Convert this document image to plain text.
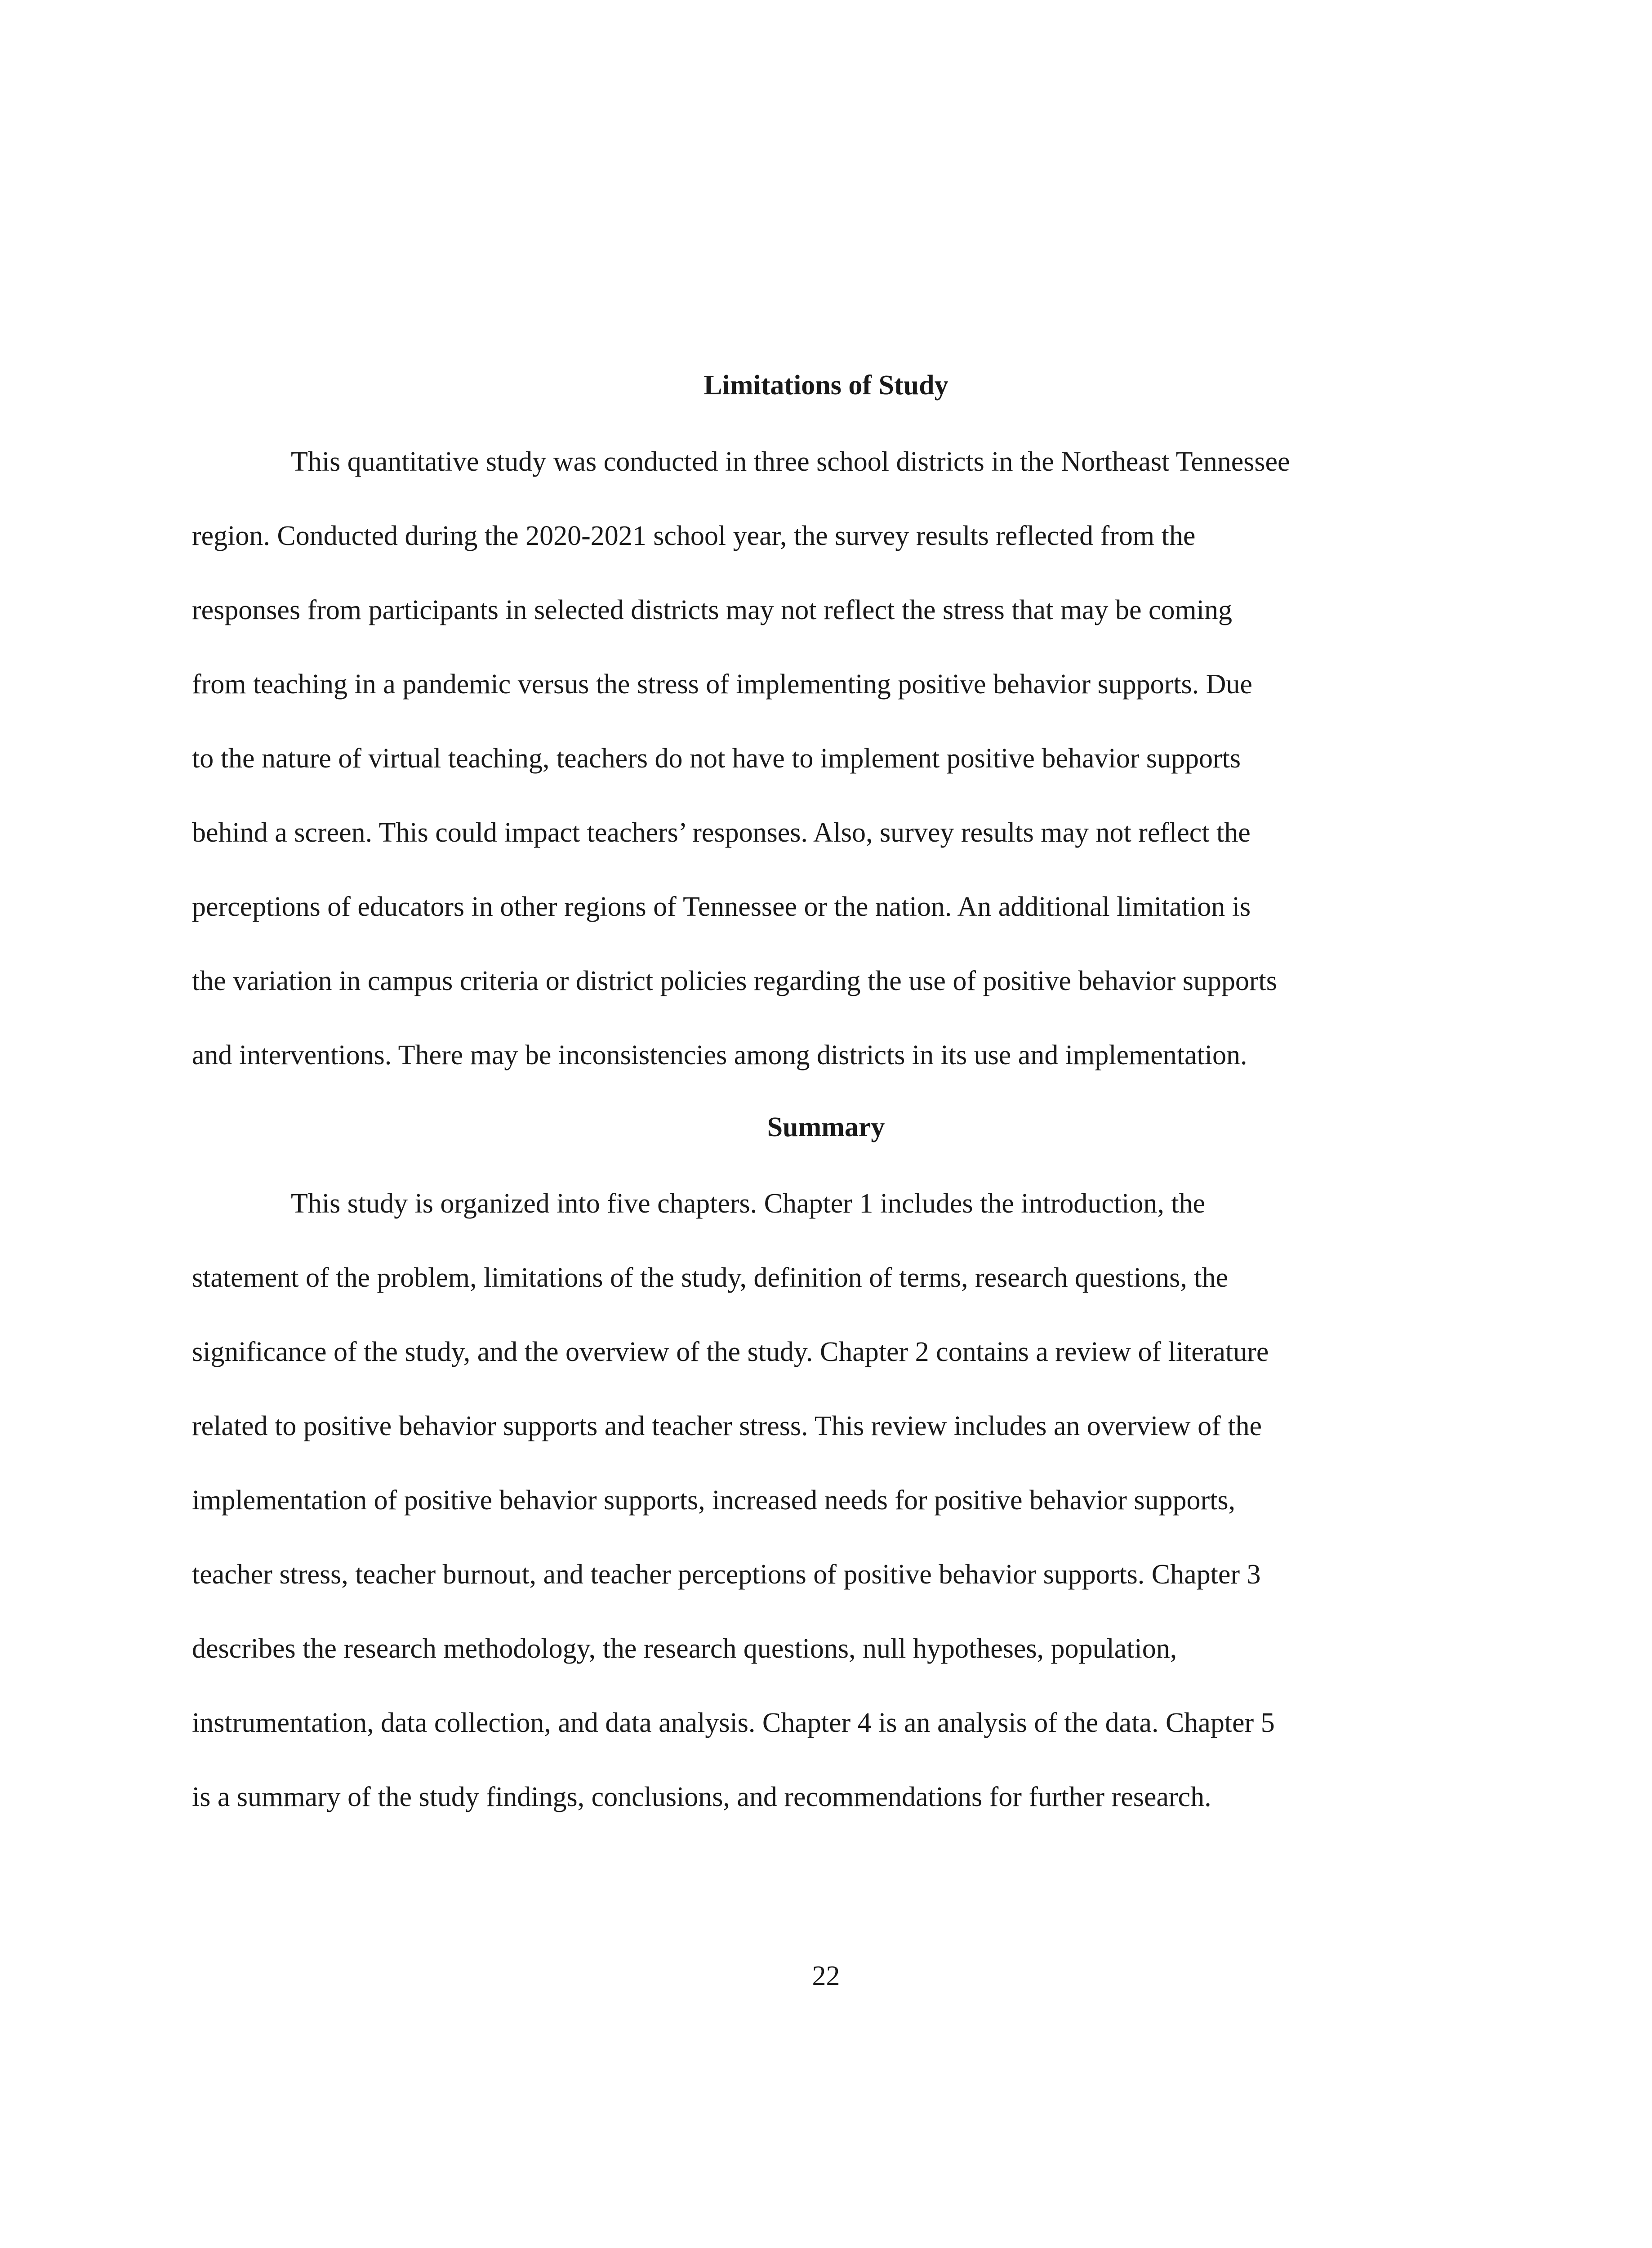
Limitations of Study

This quantitative study was conducted in three school districts in the Northeast Tennessee

region. Conducted during the 2020-2021 school year, the survey results reflected from the

responses from participants in selected districts may not reflect the stress that may be coming

from teaching in a pandemic versus the stress of implementing positive behavior supports. Due

to the nature of virtual teaching, teachers do not have to implement positive behavior supports

behind a screen. This could impact teachers’ responses. Also, survey results may not reflect the

perceptions of educators in other regions of Tennessee or the nation. An additional limitation is

the variation in campus criteria or district policies regarding the use of positive behavior supports

and interventions. There may be inconsistencies among districts in its use and implementation.

Summary

This study is organized into five chapters. Chapter 1 includes the introduction, the

statement of the problem, limitations of the study, definition of terms, research questions, the

significance of the study, and the overview of the study. Chapter 2 contains a review of literature

related to positive behavior supports and teacher stress. This review includes an overview of the

implementation of positive behavior supports, increased needs for positive behavior supports,

teacher stress, teacher burnout, and teacher perceptions of positive behavior supports. Chapter 3

describes the research methodology, the research questions, null hypotheses, population,

instrumentation, data collection, and data analysis. Chapter 4 is an analysis of the data. Chapter 5

is a summary of the study findings, conclusions, and recommendations for further research.

22
